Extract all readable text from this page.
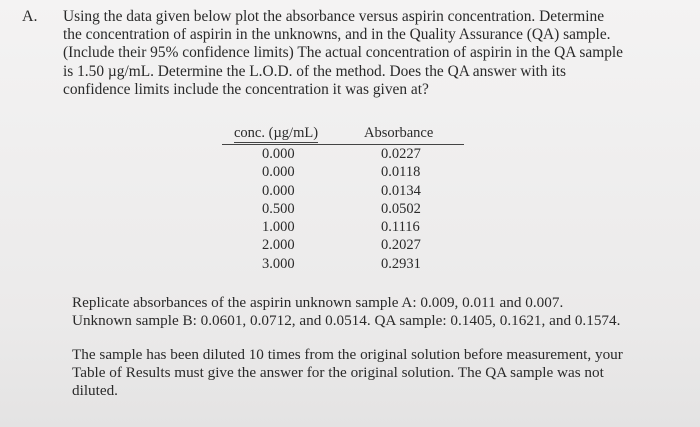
A. Using the data given below plot the absorbance versus aspirin concentration. Determine
the concentration of aspirin in the unknowns, and in the Quality Assurance (QA) sample.
(Include their 95% confidence limits) The actual concentration of aspirin in the QA sample
is 1.50 µg/mL. Determine the L.O.D. of the method. Does the QA answer with its
confidence limits include the concentration it was given at?
conc. (µg/mL)	Absorbance
0.000	0.0227
0.000	0.0118
0.000	0.0134
0.500	0.0502
1.000	0.1116
2.000	0.2027
3.000	0.2931
Replicate absorbances of the aspirin unknown sample A: 0.009, 0.011 and 0.007.
Unknown sample B: 0.0601, 0.0712, and 0.0514. QA sample: 0.1405, 0.1621, and 0.1574.
The sample has been diluted 10 times from the original solution before measurement, your
Table of Results must give the answer for the original solution. The QA sample was not
diluted.
